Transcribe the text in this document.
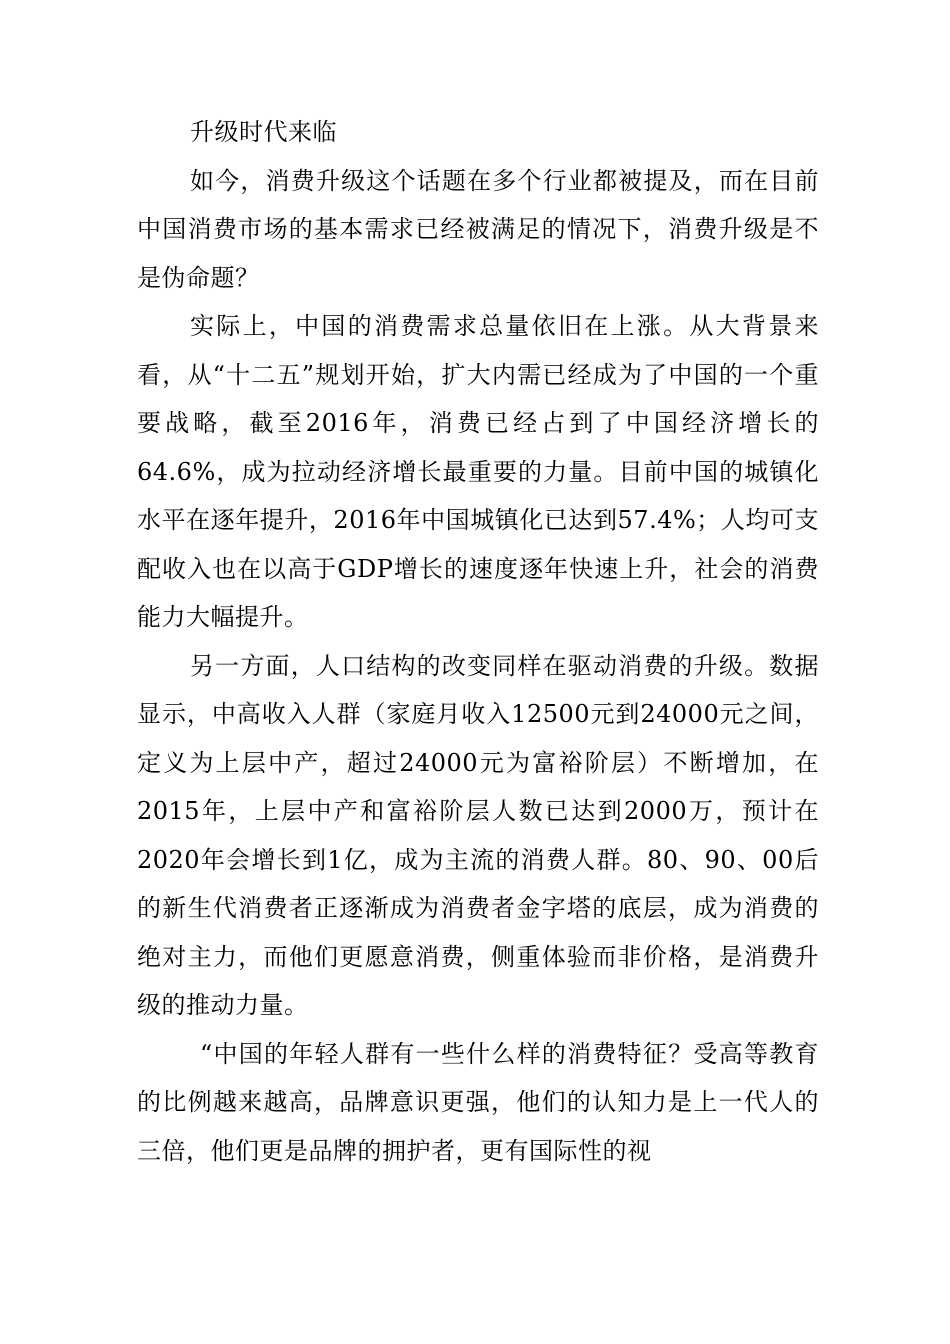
升级时代来临

如今，消费升级这个话题在多个行业都被提及，而在目前中国消费市场的基本需求已经被满足的情况下，消费升级是不是伪命题？

实际上，中国的消费需求总量依旧在上涨。从大背景来看，从“十二五”规划开始，扩大内需已经成为了中国的一个重要战略，截至2016年，消费已经占到了中国经济增长的64.6%，成为拉动经济增长最重要的力量。目前中国的城镇化水平在逐年提升，2016年中国城镇化已达到57.4%；人均可支配收入也在以高于GDP增长的速度逐年快速上升，社会的消费能力大幅提升。

另一方面，人口结构的改变同样在驱动消费的升级。数据显示，中高收入人群（家庭月收入12500元到24000元之间，定义为上层中产，超过24000元为富裕阶层）不断增加，在2015年，上层中产和富裕阶层人数已达到2000万，预计在2020年会增长到1亿，成为主流的消费人群。80、90、00后的新生代消费者正逐渐成为消费者金字塔的底层，成为消费的绝对主力，而他们更愿意消费，侧重体验而非价格，是消费升级的推动力量。

“中国的年轻人群有一些什么样的消费特征？受高等教育的比例越来越高，品牌意识更强，他们的认知力是上一代人的三倍，他们更是品牌的拥护者，更有国际性的视
